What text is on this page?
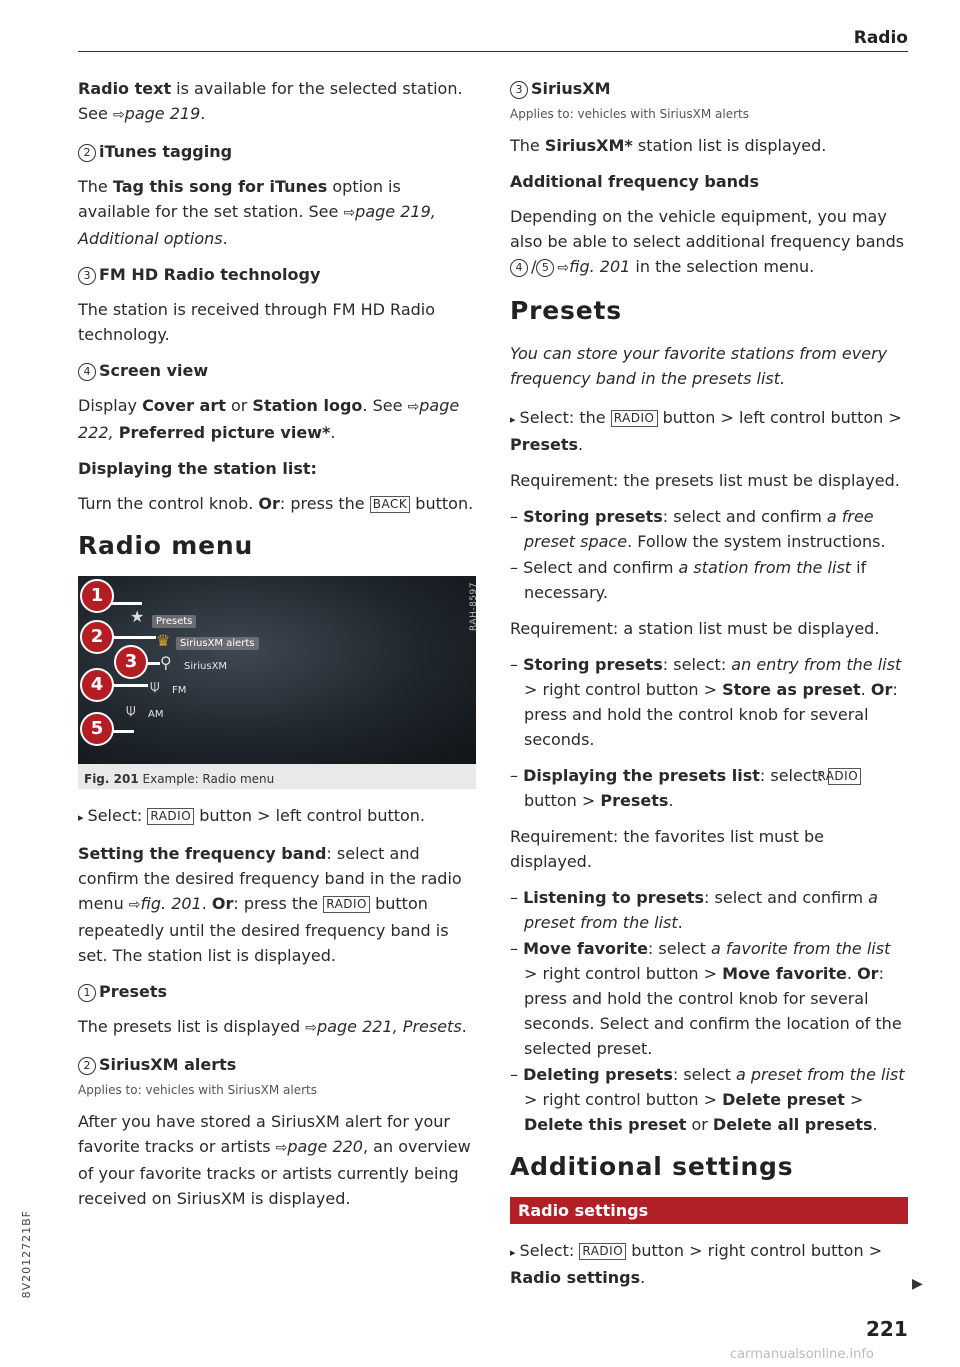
Radio

Radio text is available for the selected station. See ⇨page 219.

2 iTunes tagging

The Tag this song for iTunes option is available for the set station. See ⇨page 219, Additional options.

3 FM HD Radio technology

The station is received through FM HD Radio technology.

4 Screen view

Display Cover art or Station logo. See ⇨page 222, Preferred picture view*.

Displaying the station list:

Turn the control knob. Or: press the BACK button.

Radio menu
RAH-8597
★	Presets
♛ SiriusXM alerts
⚲ SiriusXM
⍦ FM
⍦ AM
1
2
3
4
5
Fig. 201 Example: Radio menu

▸ Select: RADIO button > left control button.

Setting the frequency band: select and confirm the desired frequency band in the radio menu ⇨fig. 201. Or: press the RADIO button repeatedly until the desired frequency band is set. The station list is displayed.

1 Presets

The presets list is displayed ⇨page 221, Presets.

2 SiriusXM alerts
Applies to: vehicles with SiriusXM alerts

After you have stored a SiriusXM alert for your favorite tracks or artists ⇨page 220, an overview of your favorite tracks or artists currently being received on SiriusXM is displayed.

3 SiriusXM
Applies to: vehicles with SiriusXM alerts

The SiriusXM* station list is displayed.

Additional frequency bands

Depending on the vehicle equipment, you may also be able to select additional frequency bands 4 / 5 ⇨fig. 201 in the selection menu.

Presets

You can store your favorite stations from every frequency band in the presets list.

▸ Select: the RADIO button > left control button > Presets.

Requirement: the presets list must be displayed.

– Storing presets: select and confirm a free preset space. Follow the system instructions.
– Select and confirm a station from the list if necessary.

Requirement: a station list must be displayed.

– Storing presets: select: an entry from the list > right control button > Store as preset. Or: press and hold the control knob for several seconds.
– Displaying the presets list: select: RADIO button > Presets.

Requirement: the favorites list must be displayed.

– Listening to presets: select and confirm a preset from the list.
– Move favorite: select a favorite from the list > right control button > Move favorite. Or: press and hold the control knob for several seconds. Select and confirm the location of the selected preset.
– Deleting presets: select a preset from the list > right control button > Delete preset > Delete this preset or Delete all presets.
Additional settings
Radio settings

▸ Select: RADIO button > right control button > Radio settings.	▶
8V2012721BF
221
carmanualsonline.info
